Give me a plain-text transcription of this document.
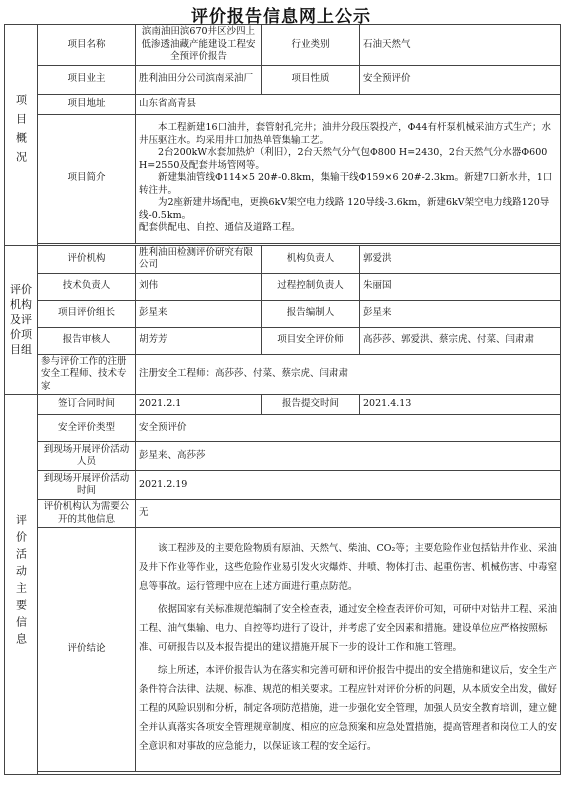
评价报告信息网上公示
项目概况	项目名称	滨南油田滨670井区沙四上低渗透油藏产能建设工程安全预评价报告	行业类别	石油天然气
	项目业主	胜利油田分公司滨南采油厂	项目性质	安全预评价
	项目地址	山东省高青县		
	项目简介	本工程新建16口油井，套管射孔完井；油井分段压裂投产，Φ44有杆泵机械采油方式生产；水井压驱注水。均采用井口加热单管集输工艺。

2台200kW水套加热炉（利旧），2台天然气分气包Φ800 H=2430，2台天然气分水器Φ600 H=2550及配套井场管网等。

新建集油管线Φ114×5 20#-0.8km，集输干线Φ159×6 20#-2.3km。新建7口新水井，1口转注井。

为2座新建井场配电，更换6kV架空电力线路 120导线-3.6km，新建6kV架空电力线路120导线-0.5km。

配套供配电、自控、通信及道路工程。		

评价机构及评价项目组	评价机构	胜利油田检测评价研究有限公司	机构负责人	郭爱洪
	技术负责人	刘伟	过程控制负责人	朱丽国
	项目评价组长	彭星来	报告编制人	彭星来
	报告审核人	胡芳芳	项目安全评价师	高莎莎、郭爱洪、蔡宗虎、付菜、闫肃肃
	参与评价工作的注册安全工程师、技术专家	注册安全工程师：高莎莎、付菜、蔡宗虎、闫肃肃		
评价活动主要信息	签订合同时间	2021.2.1	报告提交时间	2021.4.13
	安全评价类型	安全预评价		
	到现场开展评价活动人员	彭星来、高莎莎		
	到现场开展评价活动时间	2021.2.19		
	评价机构认为需要公开的其他信息	无		
	评价结论	该工程涉及的主要危险物质有原油、天然气、柴油、CO₂等；主要危险作业包括钻井作业、采油及井下作业等作业，这些危险作业易引发火灾爆炸、井喷、物体打击、起重伤害、机械伤害、中毒窒息等事故。运行管理中应在上述方面进行重点防范。

依据国家有关标准规范编制了安全检查表，通过安全检查表评价可知，可研中对钻井工程、采油工程、油气集输、电力、自控等均进行了设计，并考虑了安全因素和措施。建设单位应严格按照标准、可研报告以及本报告提出的建议措施开展下一步的设计工作和施工管理。

综上所述，本评价报告认为在落实和完善可研和评价报告中提出的安全措施和建议后，安全生产条件符合法律、法规、标准、规范的相关要求。工程应针对评价分析的问题，从本质安全出发，做好工程的风险识别和分析，制定各项防范措施，进一步强化安全管理，加强人员安全教育培训，建立健全并认真落实各项安全管理规章制度、相应的应急预案和应急处置措施，提高管理者和岗位工人的安全意识和对事故的应急能力，以保证该工程的安全运行。		
